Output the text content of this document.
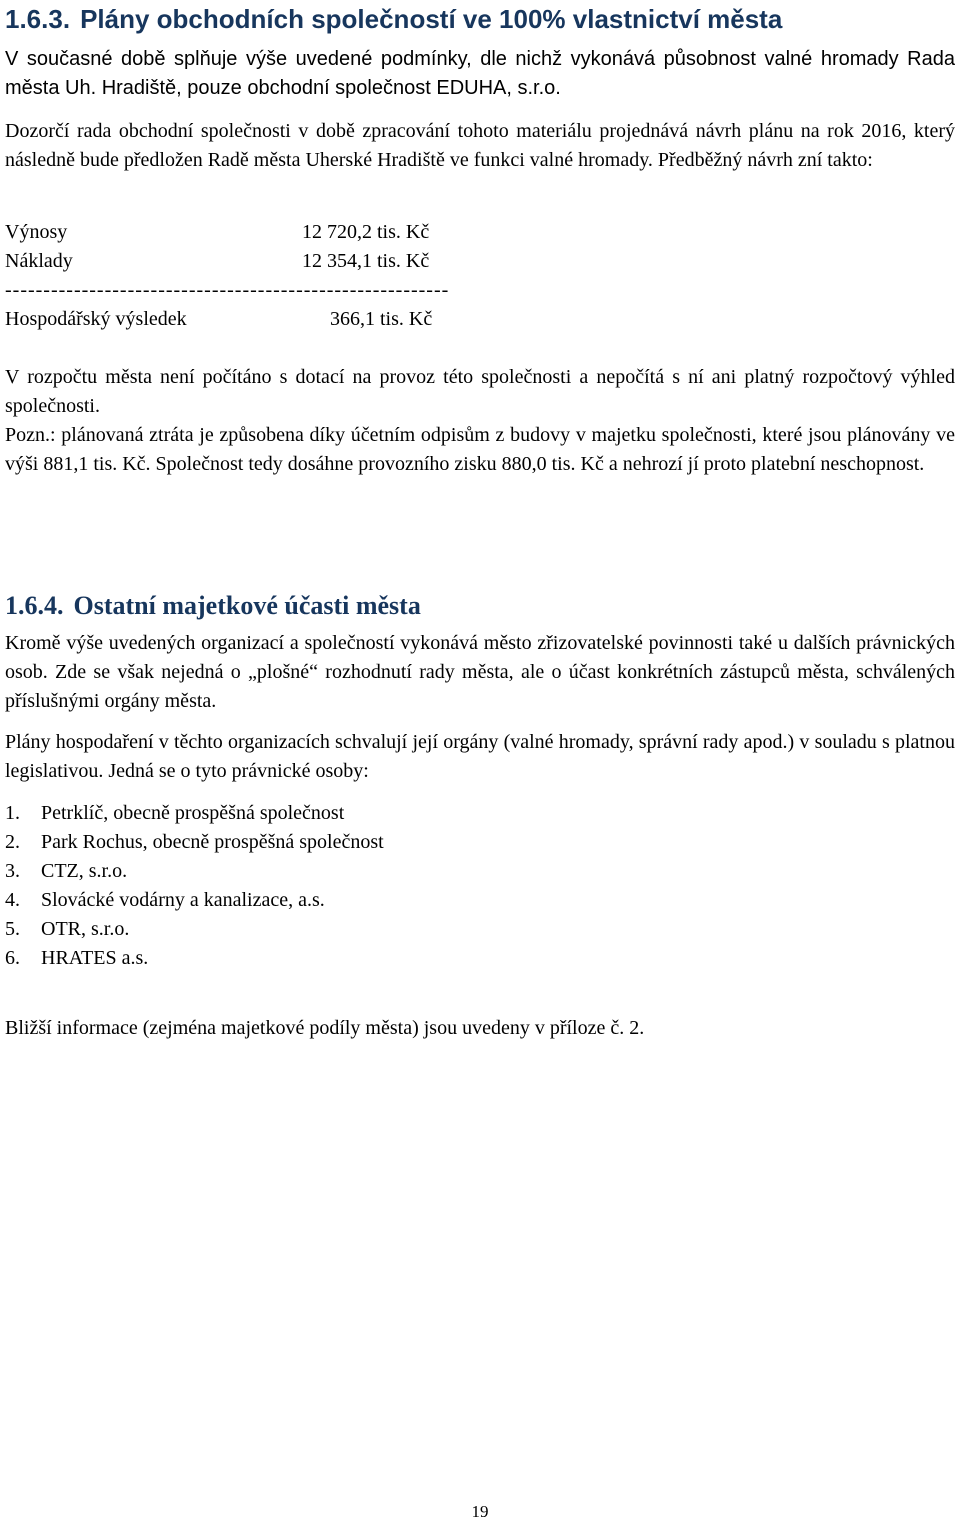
1.6.3. Plány obchodních společností ve 100% vlastnictví města
V současné době splňuje výše uvedené podmínky, dle nichž vykonává působnost valné hromady Rada města Uh. Hradiště, pouze obchodní společnost EDUHA, s.r.o.
Dozorčí rada obchodní společnosti v době zpracování tohoto materiálu projednává návrh plánu na rok 2016, který následně bude předložen Radě města Uherské Hradiště ve funkci valné hromady. Předběžný návrh zní takto:
Výnosy	12 720,2 tis. Kč
Náklady	12 354,1 tis. Kč
----------------------------------------------------------
Hospodářský výsledek	366,1 tis. Kč
V rozpočtu města není počítáno s dotací na provoz této společnosti a nepočítá s ní ani platný rozpočtový výhled společnosti.
Pozn.: plánovaná ztráta je způsobena díky účetním odpisům z budovy v majetku společnosti, které jsou plánovány ve výši 881,1 tis. Kč. Společnost tedy dosáhne provozního zisku 880,0 tis. Kč a nehrozí jí proto platební neschopnost.
1.6.4. Ostatní majetkové účasti města
Kromě výše uvedených organizací a společností vykonává město zřizovatelské povinnosti také u dalších právnických osob. Zde se však nejedná o „plošné“ rozhodnutí rady města, ale o účast konkrétních zástupců města, schválených příslušnými orgány města.
Plány hospodaření v těchto organizacích schvalují její orgány (valné hromady, správní rady apod.) v souladu s platnou legislativou. Jedná se o tyto právnické osoby:
1. Petrklíč, obecně prospěšná společnost
2. Park Rochus, obecně prospěšná společnost
3. CTZ, s.r.o.
4. Slovácké vodárny a kanalizace, a.s.
5. OTR, s.r.o.
6. HRATES a.s.
Bližší informace (zejména majetkové podíly města) jsou uvedeny v příloze č. 2.
19
